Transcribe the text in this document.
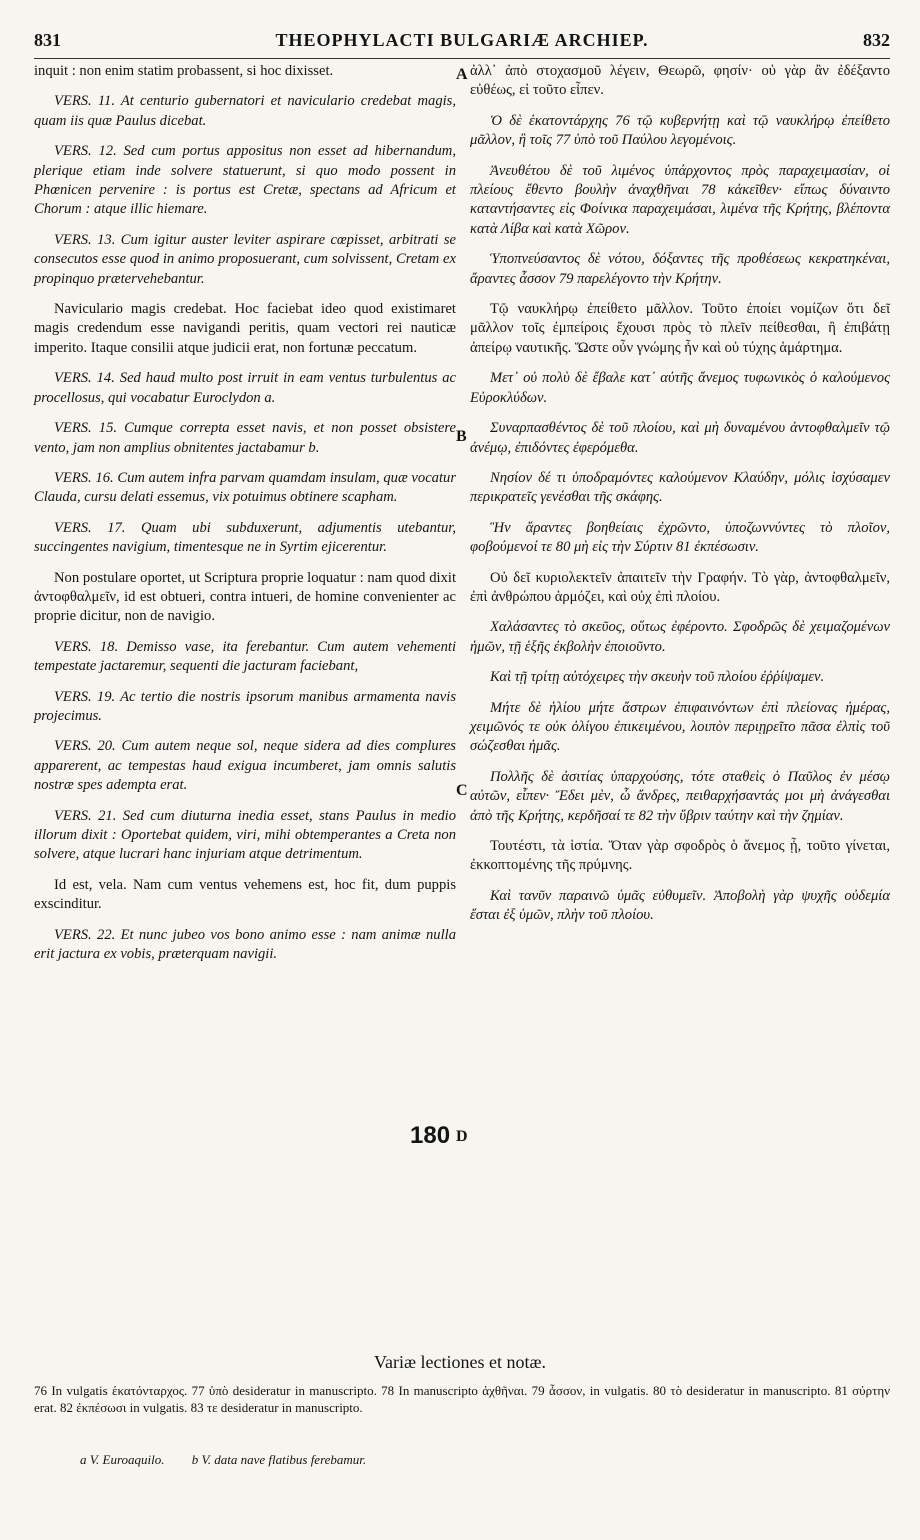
831	THEOPHYLACTI BULGARIÆ ARCHIEP.	832

inquit : non enim statim probassent, si hoc dixisset.

VERS. 11. At centurio gubernatori et naviculario credebat magis, quam iis quæ Paulus dicebat.

VERS. 12. Sed cum portus appositus non esset ad hibernandum, plerique etiam inde solvere statuerunt, si quo modo possent in Phœnicen pervenire : is portus est Cretæ, spectans ad Africum et Chorum : atque illic hiemare.

VERS. 13. Cum igitur auster leviter aspirare cœpisset, arbitrati se consecutos esse quod in animo proposuerant, cum solvissent, Cretam ex propinquo prætervehebantur.

Naviculario magis credebat. Hoc faciebat ideo quod existimaret magis credendum esse navigandi peritis, quam vectori rei nauticæ imperito. Itaque consilii atque judicii erat, non fortunæ peccatum.

VERS. 14. Sed haud multo post irruit in eam ventus turbulentus ac procellosus, qui vocabatur Euroclydon a.

VERS. 15. Cumque correpta esset navis, et non posset obsistere vento, jam non amplius obnitentes jactabamur b.

VERS. 16. Cum autem infra parvam quamdam insulam, quæ vocatur Clauda, cursu delati essemus, vix potuimus obtinere scapham.

VERS. 17. Quam ubi subduxerunt, adjumentis utebantur, succingentes navigium, timentesque ne in Syrtim ejicerentur.

Non postulare oportet, ut Scriptura proprie loquatur : nam quod dixit ἀντοφθαλμεῖν, id est obtueri, contra intueri, de homine convenienter ac proprie dicitur, non de navigio.

VERS. 18. Demisso vase, ita ferebantur. Cum autem vehementi tempestate jactaremur, sequenti die jacturam faciebant,

VERS. 19. Ac tertio die nostris ipsorum manibus armamenta navis projecimus.

VERS. 20. Cum autem neque sol, neque sidera ad dies complures apparerent, ac tempestas haud exigua incumberet, jam omnis salutis nostræ spes adempta erat.

VERS. 21. Sed cum diuturna inedia esset, stans Paulus in medio illorum dixit : Oportebat quidem, viri, mihi obtemperantes a Creta non solvere, atque lucrari hanc injuriam atque detrimentum.

Id est, vela. Nam cum ventus vehemens est, hoc fit, dum puppis exscinditur.

VERS. 22. Et nunc jubeo vos bono animo esse : nam animæ nulla erit jactura ex vobis, præterquam navigii.

ἀλλ᾽ ἀπὸ στοχασμοῦ λέγειν, Θεωρῶ, φησίν· οὐ γὰρ ἂν ἐδέξαντο εὐθέως, εἰ τοῦτο εἶπεν.

Ὁ δὲ ἑκατοντάρχης 76 τῷ κυβερνήτῃ καὶ τῷ ναυκλήρῳ ἐπείθετο μᾶλλον, ἢ τοῖς 77 ὑπὸ τοῦ Παύλου λεγομένοις.

Ἀνευθέτου δὲ τοῦ λιμένος ὑπάρχοντος πρὸς παραχειμασίαν, οἱ πλείους ἔθεντο βουλὴν ἀναχθῆναι 78 κἀκεῖθεν· εἴπως δύναιντο καταντήσαντες εἰς Φοίνικα παραχειμάσαι, λιμένα τῆς Κρήτης, βλέποντα κατὰ Λίβα καὶ κατὰ Χῶρον.

Ὑποπνεύσαντος δὲ νότου, δόξαντες τῆς προθέσεως κεκρατηκέναι, ἄραντες ἆσσον 79 παρελέγοντο τὴν Κρήτην.

Τῷ ναυκλήρῳ ἐπείθετο μᾶλλον. Τοῦτο ἐποίει νομίζων ὅτι δεῖ μᾶλλον τοῖς ἐμπείροις ἔχουσι πρὸς τὸ πλεῖν πείθεσθαι, ἢ ἐπιβάτῃ ἀπείρῳ ναυτικῆς. Ὥστε οὖν γνώμης ἦν καὶ οὐ τύχης ἁμάρτημα.

Μετ᾽ οὐ πολὺ δὲ ἔβαλε κατ᾽ αὐτῆς ἄνεμος τυφωνικὸς ὁ καλούμενος Εὐροκλύδων.

Συναρπασθέντος δὲ τοῦ πλοίου, καὶ μὴ δυναμένου ἀντοφθαλμεῖν τῷ ἀνέμῳ, ἐπιδόντες ἐφερόμεθα.

Νησίον δέ τι ὑποδραμόντες καλούμενον Κλαύδην, μόλις ἰσχύσαμεν περικρατεῖς γενέσθαι τῆς σκάφης.

Ἣν ἄραντες βοηθείαις ἐχρῶντο, ὑποζωννύντες τὸ πλοῖον, φοβούμενοί τε 80 μὴ εἰς τὴν Σύρτιν 81 ἐκπέσωσιν.

Οὐ δεῖ κυριολεκτεῖν ἀπαιτεῖν τὴν Γραφήν. Τὸ γὰρ, ἀντοφθαλμεῖν, ἐπὶ ἀνθρώπου ἁρμόζει, καὶ οὐχ ἐπὶ πλοίου.

Χαλάσαντες τὸ σκεῦος, οὕτως ἐφέροντο. Σφοδρῶς δὲ χειμαζομένων ἡμῶν, τῇ ἑξῆς ἐκβολὴν ἐποιοῦντο.

Καὶ τῇ τρίτῃ αὐτόχειρες τὴν σκευὴν τοῦ πλοίου ἐῤῥίψαμεν.

Μήτε δὲ ἡλίου μήτε ἄστρων ἐπιφαινόντων ἐπὶ πλείονας ἡμέρας, χειμῶνός τε οὐκ ὀλίγου ἐπικειμένου, λοιπὸν περιῃρεῖτο πᾶσα ἐλπὶς τοῦ σώζεσθαι ἡμᾶς.

Πολλῆς δὲ ἀσιτίας ὑπαρχούσης, τότε σταθεὶς ὁ Παῦλος ἐν μέσῳ αὐτῶν, εἶπεν· Ἔδει μὲν, ὦ ἄνδρες, πειθαρχήσαντάς μοι μὴ ἀνάγεσθαι ἀπὸ τῆς Κρήτης, κερδῆσαί τε 82 τὴν ὕβριν ταύτην καὶ τὴν ζημίαν.

Τουτέστι, τὰ ἱστία. Ὅταν γὰρ σφοδρὸς ὁ ἄνεμος ᾖ, τοῦτο γίνεται, ἐκκοπτομένης τῆς πρύμνης.

Καὶ τανῦν παραινῶ ὑμᾶς εὐθυμεῖν. Ἀποβολὴ γὰρ ψυχῆς οὐδεμία ἔσται ἐξ ὑμῶν, πλὴν τοῦ πλοίου.

A
B
C
D
180
Variæ lectiones et notæ.
76 In vulgatis ἑκατόνταρχος. 77 ὑπὸ desideratur in manuscripto. 78 In manuscripto ἀχθῆναι. 79 ἆσσον, in vulgatis. 80 τὸ desideratur in manuscripto. 81 σύρτην erat. 82 ἐκπέσωσι in vulgatis. 83 τε desideratur in manuscripto.
a V. Euroaquilo. b V. data nave flatibus ferebamur.
